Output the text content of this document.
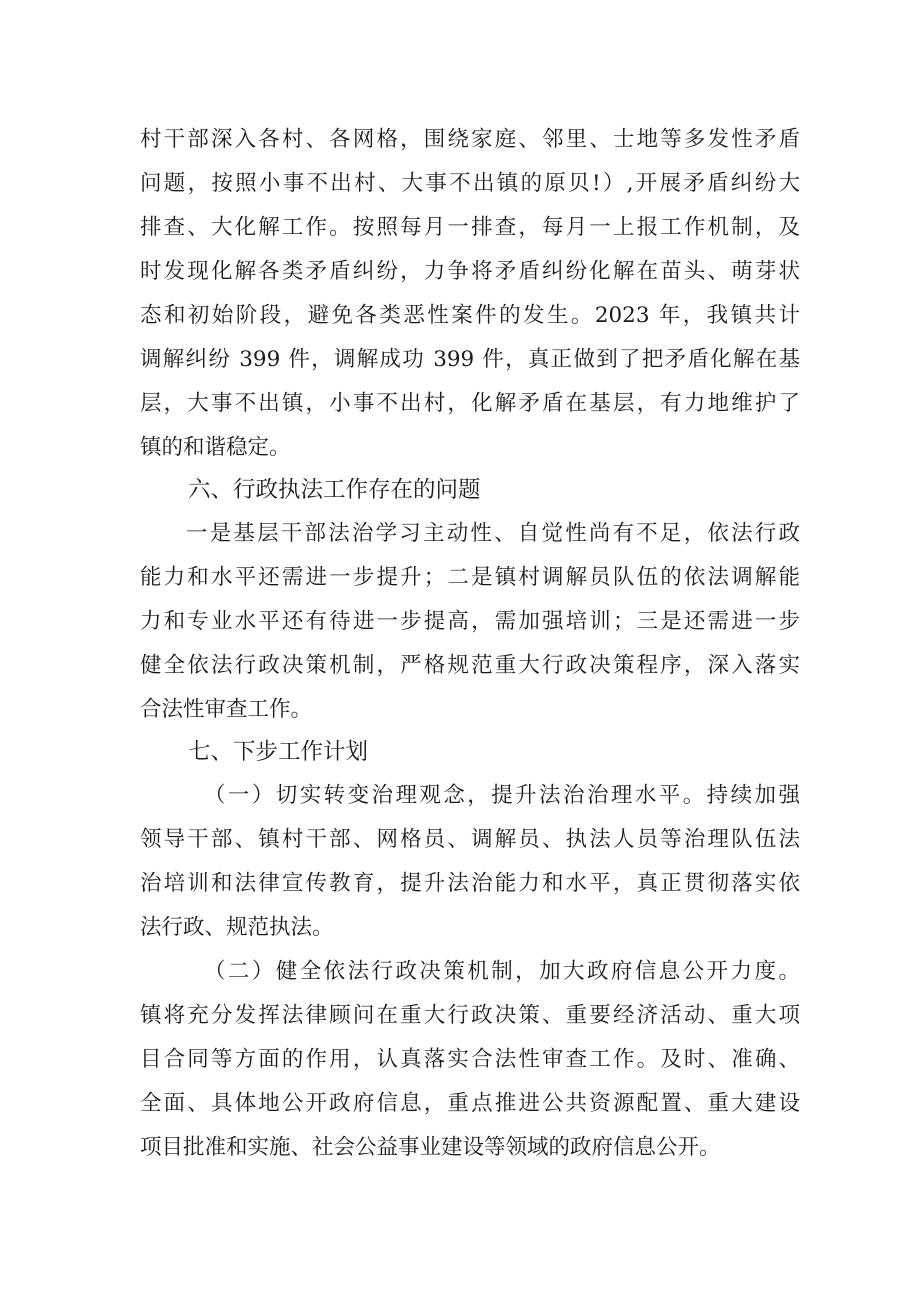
村干部深入各村、各网格，围绕家庭、邻里、士地等多发性矛盾
问题，按照小事不出村、大事不出镇的原贝!）,开展矛盾纠纷大
排查、大化解工作。按照每月一排查，每月一上报工作机制，及
时发现化解各类矛盾纠纷，力争将矛盾纠纷化解在苗头、萌芽状
态和初始阶段，避免各类恶性案件的发生。2023 年，我镇共计
调解纠纷 399 件，调解成功 399 件，真正做到了把矛盾化解在基
层，大事不出镇，小事不出村，化解矛盾在基层，有力地维护了
镇的和谐稳定。
六、行政执法工作存在的问题
一是基层干部法治学习主动性、自觉性尚有不足，依法行政
能力和水平还需进一步提升；二是镇村调解员队伍的依法调解能
力和专业水平还有待进一步提高，需加强培训；三是还需进一步
健全依法行政决策机制，严格规范重大行政决策程序，深入落实
合法性审查工作。
七、下步工作计划
（一）切实转变治理观念，提升法治治理水平。持续加强
领导干部、镇村干部、网格员、调解员、执法人员等治理队伍法
治培训和法律宣传教育，提升法治能力和水平，真正贯彻落实依
法行政、规范执法。
（二）健全依法行政决策机制，加大政府信息公开力度。
镇将充分发挥法律顾问在重大行政决策、重要经济活动、重大项
目合同等方面的作用，认真落实合法性审查工作。及时、准确、
全面、具体地公开政府信息，重点推进公共资源配置、重大建设
项目批准和实施、社会公益事业建设等领域的政府信息公开。
